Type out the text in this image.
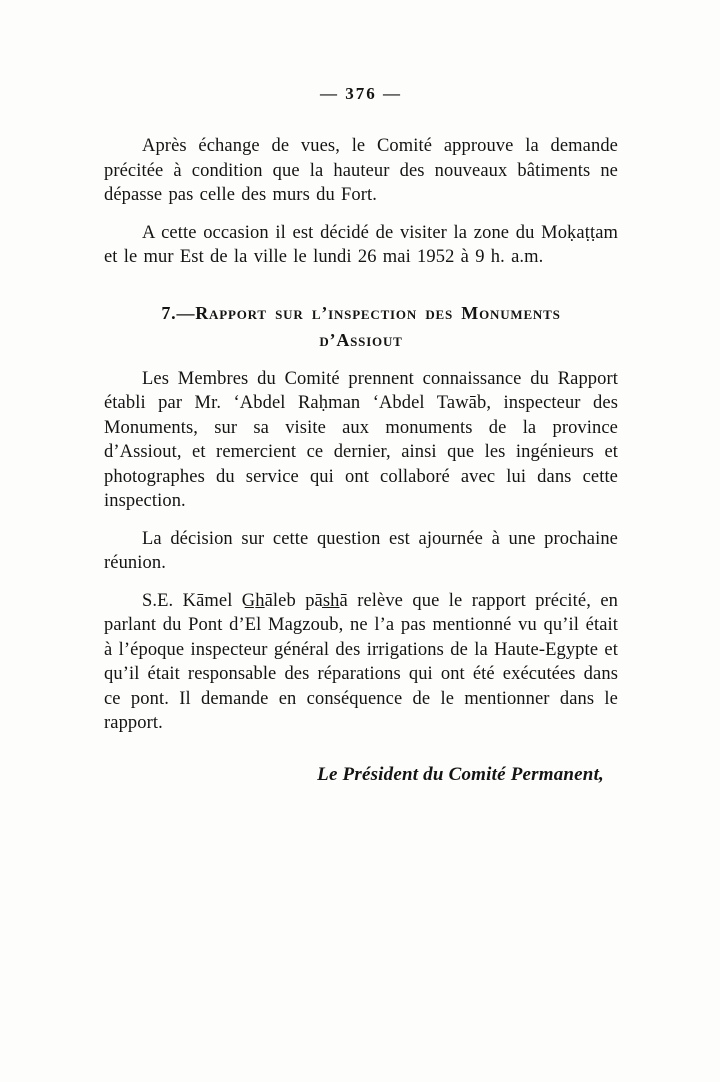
— 376 —

Après échange de vues, le Comité approuve la demande précitée à condition que la hauteur des nouveaux bâtiments ne dépasse pas celle des murs du Fort.

A cette occasion il est décidé de visiter la zone du Moḳaṭṭam et le mur Est de la ville le lundi 26 mai 1952 à 9 h. a.m.

7.—Rapport sur l’inspection des Monuments
d’Assiout

Les Membres du Comité prennent connaissance du Rapport établi par Mr. ‘Abdel Raḥman ‘Abdel Tawāb, inspecteur des Monuments, sur sa visite aux monuments de la province d’Assiout, et remercient ce dernier, ainsi que les ingénieurs et photographes du service qui ont collaboré avec lui dans cette inspection.

La décision sur cette question est ajournée à une prochaine réunion.

S.E. Kāmel G̲h̲āleb pās̲h̲ā relève que le rapport précité, en parlant du Pont d’El Magzoub, ne l’a pas mentionné vu qu’il était à l’époque inspecteur général des irrigations de la Haute-Egypte et qu’il était responsable des réparations qui ont été exécutées dans ce pont. Il demande en conséquence de le mentionner dans le rapport.

Le Président du Comité Permanent,
